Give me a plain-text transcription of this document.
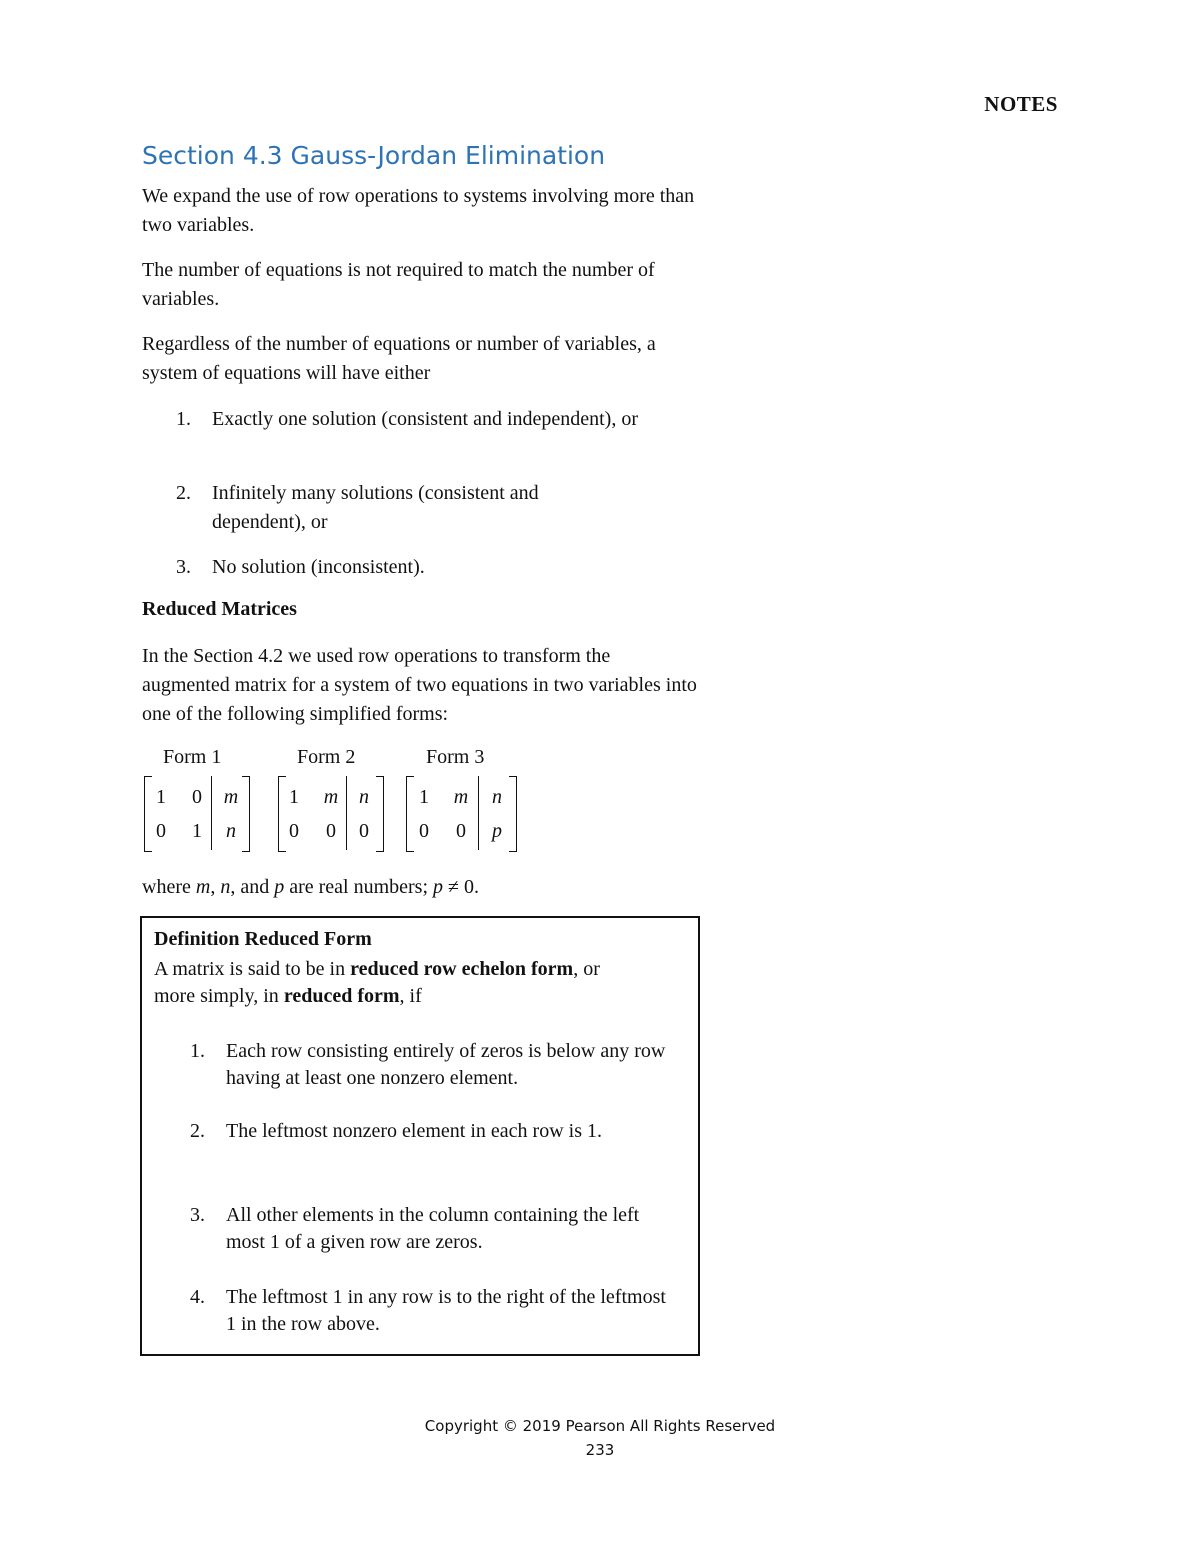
NOTES
Section 4.3 Gauss-Jordan Elimination
We expand the use of row operations to systems involving more than two variables.
The number of equations is not required to match the number of variables.
Regardless of the number of equations or number of variables, a system of equations will have either
1. Exactly one solution (consistent and independent), or
2. Infinitely many solutions (consistent and dependent), or
3. No solution (inconsistent).
Reduced Matrices
In the Section 4.2 we used row operations to transform the augmented matrix for a system of two equations in two variables into one of the following simplified forms:
Form 1	Form 2	Form 3
1	0	m
0	1	n
1	m	n
0	0	0
1	m	n
0	0	p
where m, n, and p are real numbers; p ≠ 0.
Definition Reduced Form
A matrix is said to be in reduced row echelon form, or
more simply, in reduced form, if
1. Each row consisting entirely of zeros is below any row having at least one nonzero element.
2. The leftmost nonzero element in each row is 1.
3. All other elements in the column containing the left most 1 of a given row are zeros.
4. The leftmost 1 in any row is to the right of the leftmost 1 in the row above.
Copyright © 2019 Pearson All Rights Reserved
233
